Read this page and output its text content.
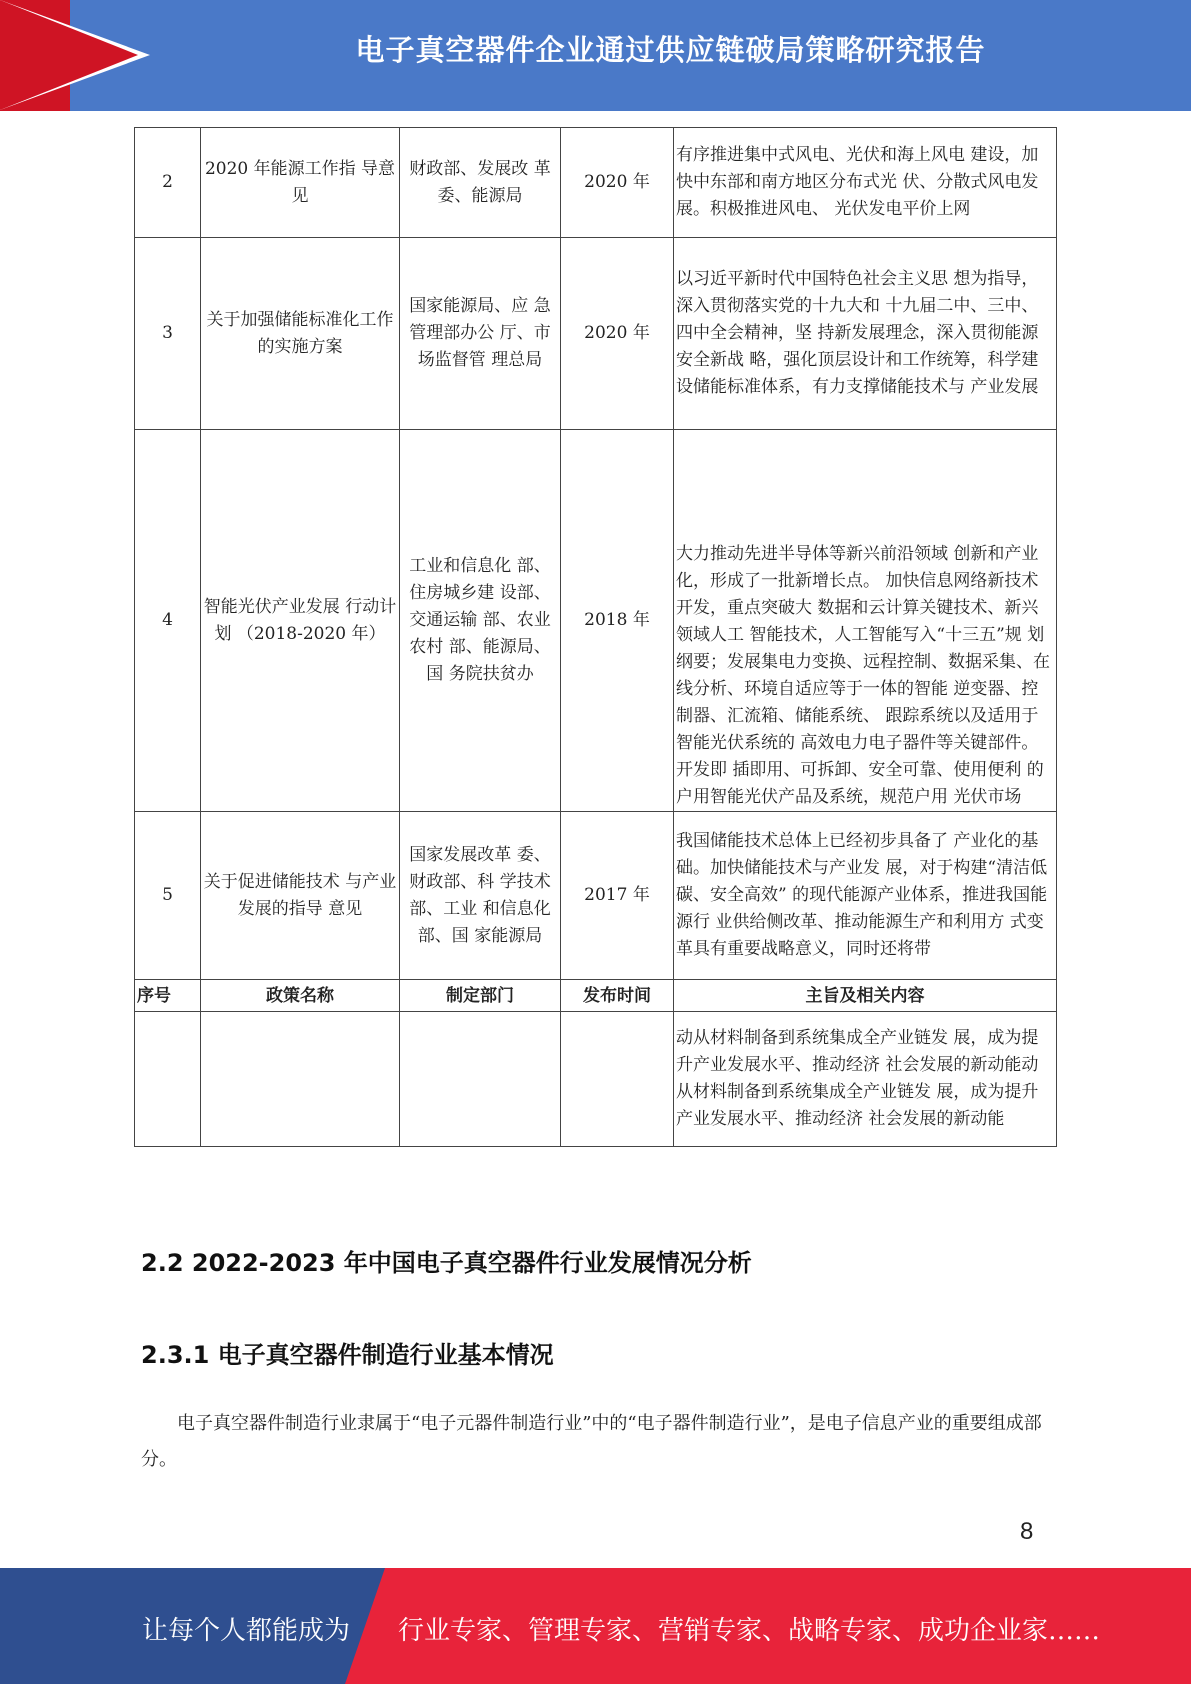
电子真空器件企业通过供应链破局策略研究报告
2	2020 年能源工作指 导意见	财政部、发展改 革委、能源局	2020 年	有序推进集中式风电、光伏和海上风电 建设，加快中东部和南方地区分布式光 伏、分散式风电发展。积极推进风电、 光伏发电平价上网
3	关于加强储能标准化工作的实施方案	国家能源局、应 急管理部办公 厅、市场监督管 理总局	2020 年	以习近平新时代中国特色社会主义思 想为指导，深入贯彻落实党的十九大和 十九届二中、三中、四中全会精神，坚 持新发展理念，深入贯彻能源安全新战 略，强化顶层设计和工作统筹，科学建 设储能标准体系，有力支撑储能技术与 产业发展
4	智能光伏产业发展 行动计划 （2018-2020 年）	工业和信息化 部、住房城乡建 设部、交通运输 部、农业农村 部、能源局、国 务院扶贫办	2018 年	大力推动先进半导体等新兴前沿领域 创新和产业化，形成了一批新增长点。 加快信息网络新技术开发，重点突破大 数据和云计算关键技术、新兴领域人工 智能技术，人工智能写入“十三五”规 划纲要；发展集电力变换、远程控制、数据采集、在线分析、环境自适应等于一体的智能 逆变器、控制器、汇流箱、储能系统、 跟踪系统以及适用于智能光伏系统的 高效电力电子器件等关键部件。开发即 插即用、可拆卸、安全可靠、使用便利 的户用智能光伏产品及系统，规范户用 光伏市场
5	关于促进储能技术 与产业发展的指导 意见	国家发展改革 委、财政部、科 学技术部、工业 和信息化部、国 家能源局	2017 年	我国储能技术总体上已经初步具备了 产业化的基础。加快储能技术与产业发 展，对于构建“清洁低碳、安全高效” 的现代能源产业体系，推进我国能源行 业供给侧改革、推动能源生产和利用方 式变革具有重要战略意义，同时还将带
序号	政策名称	制定部门	发布时间	主旨及相关内容
				动从材料制备到系统集成全产业链发 展，成为提升产业发展水平、推动经济 社会发展的新动能动从材料制备到系统集成全产业链发 展，成为提升产业发展水平、推动经济 社会发展的新动能
2.2 2022-2023 年中国电子真空器件行业发展情况分析
2.3.1 电子真空器件制造行业基本情况
电子真空器件制造行业隶属于“电子元器件制造行业”中的“电子器件制造行业”，是电子信息产业的重要组成部分。
8
让每个人都能成为 行业专家、管理专家、营销专家、战略专家、成功企业家……
